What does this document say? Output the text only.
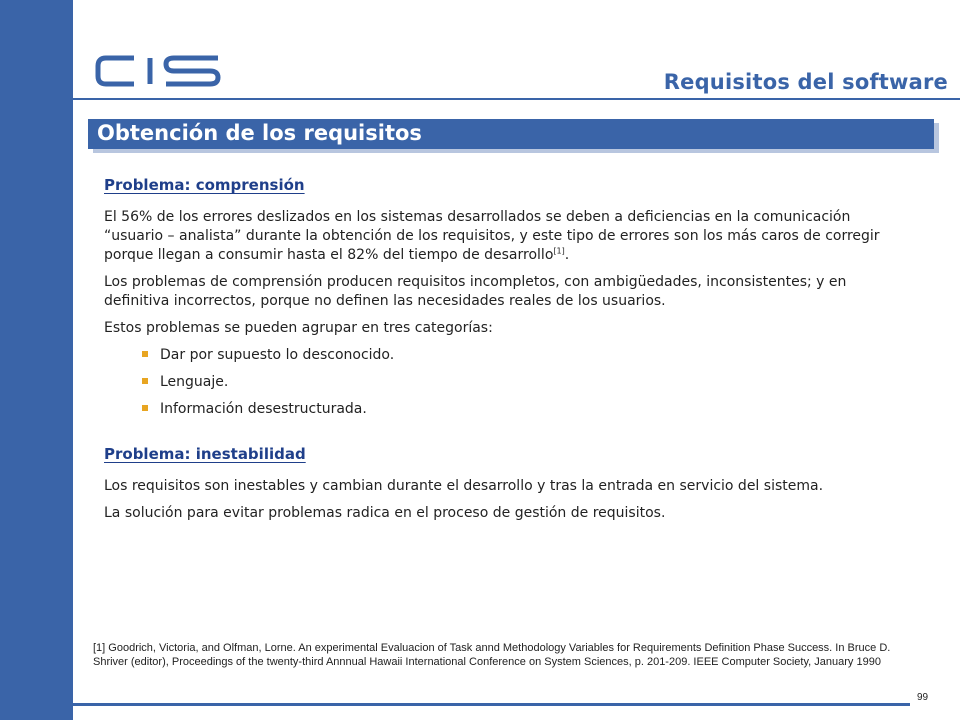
Requisitos del software
Obtención de los requisitos
Problema: comprensión

El 56% de los errores deslizados en los sistemas desarrollados se deben a deficiencias en la comunicación “usuario – analista” durante la obtención de los requisitos, y este tipo de errores son los más caros de corregir porque llegan a consumir hasta el 82% del tiempo de desarrollo[1].

Los problemas de comprensión producen requisitos incompletos, con ambigüedades, inconsistentes; y en definitiva incorrectos, porque no definen las necesidades reales de los usuarios.

Estos problemas se pueden agrupar en tres categorías:

Dar por supuesto lo desconocido.
Lenguaje.
Información desestructurada.
Problema: inestabilidad

Los requisitos son inestables y cambian durante el desarrollo y tras la entrada en servicio del sistema.

La solución para evitar problemas radica en el proceso de gestión de requisitos.

[1] Goodrich, Victoria, and Olfman, Lorne. An experimental Evaluacion of Task annd Methodology Variables for Requirements Definition Phase Success. In Bruce D. Shriver (editor), Proceedings of the twenty-third Annnual Hawaii International Conference on System Sciences, p. 201-209. IEEE Computer Society, January 1990

99
